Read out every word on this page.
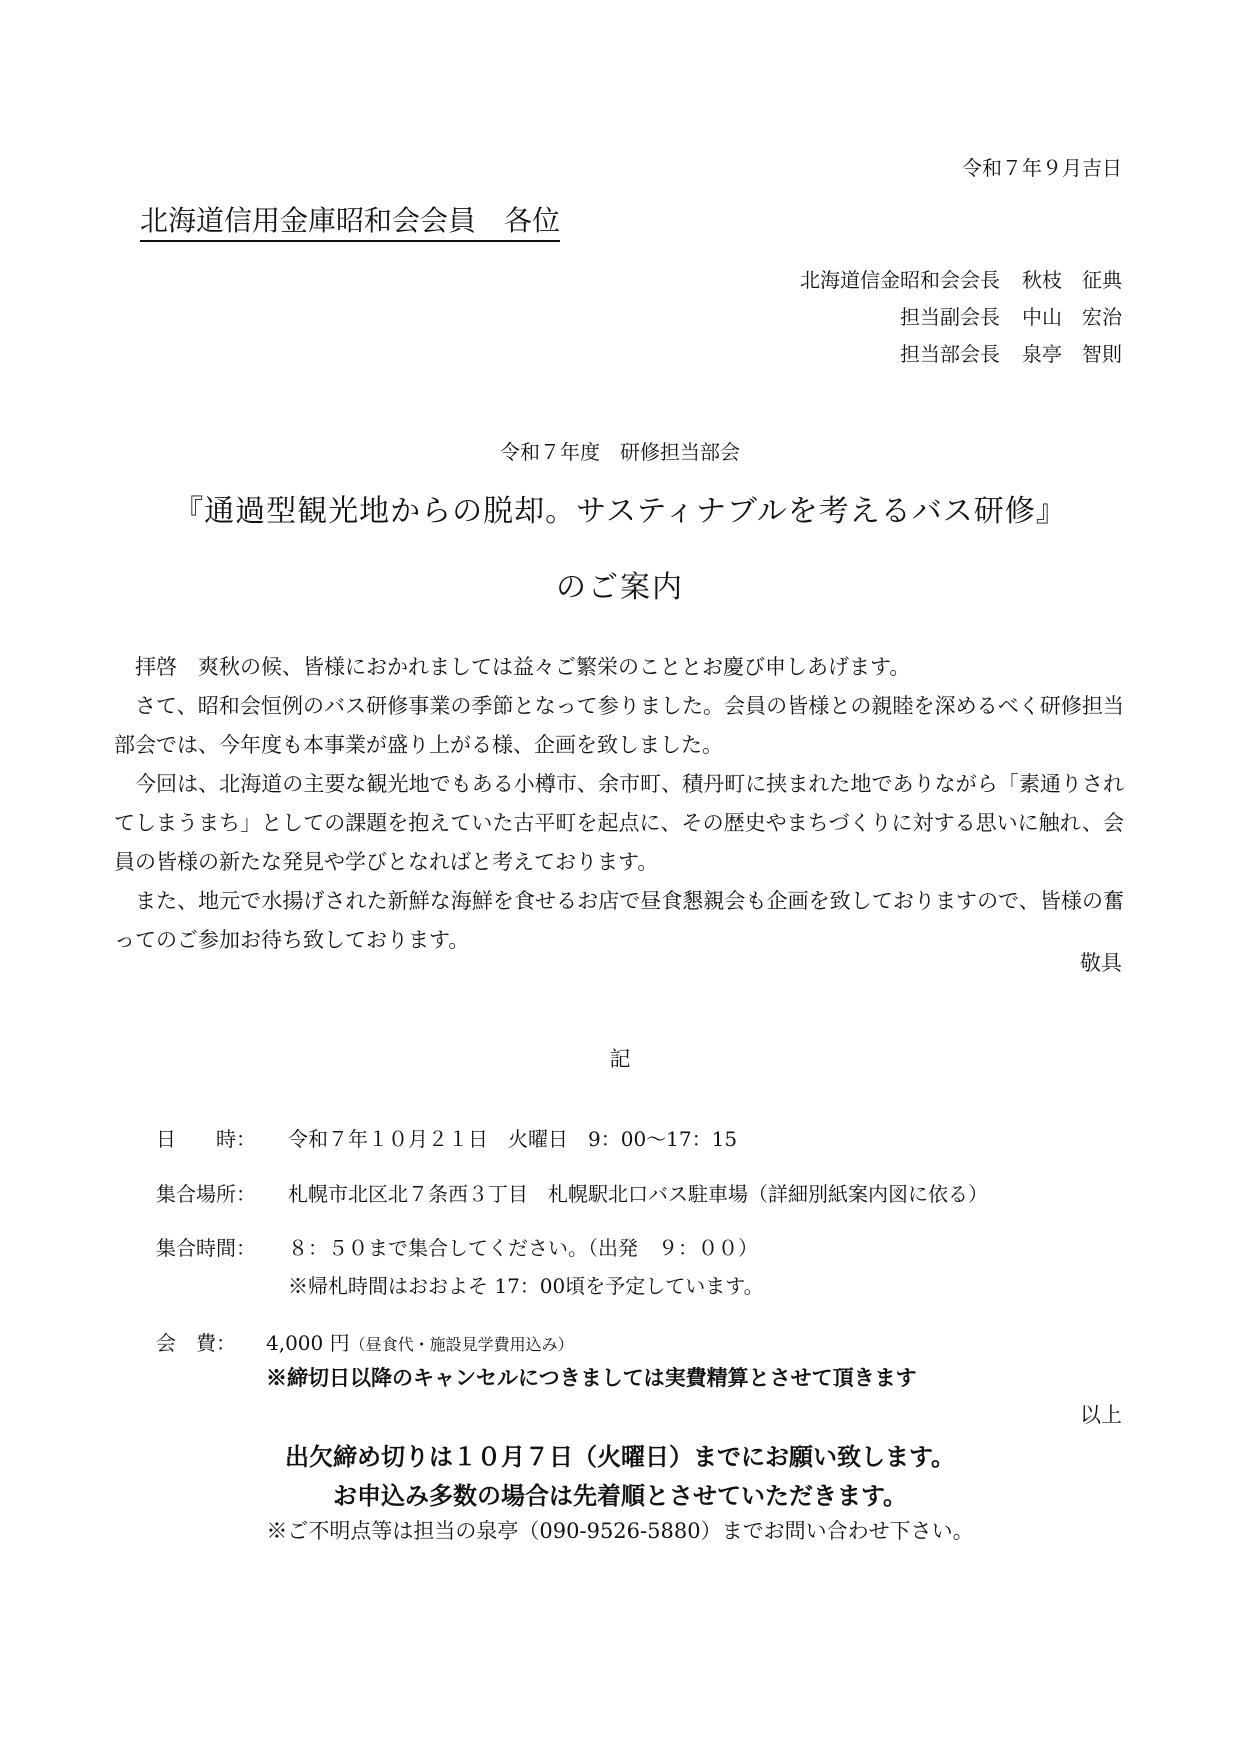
令和７年９月吉日

北海道信用金庫昭和会会員　各位

北海道信金昭和会会長 秋枝　征典
担当副会長 中山　宏治
担当部会長 泉亭　智則

令和７年度　研修担当部会

『通過型観光地からの脱却。サスティナブルを考えるバス研修』

のご案内

拝啓　爽秋の候、皆様におかれましては益々ご繁栄のこととお慶び申しあげます。

さて、昭和会恒例のバス研修事業の季節となって参りました。会員の皆様との親睦を深めるべく研修担当部会では、今年度も本事業が盛り上がる様、企画を致しました。

今回は、北海道の主要な観光地でもある小樽市、余市町、積丹町に挟まれた地でありながら「素通りされてしまうまち」としての課題を抱えていた古平町を起点に、その歴史やまちづくりに対する思いに触れ、会員の皆様の新たな発見や学びとなればと考えております。

また、地元で水揚げされた新鮮な海鮮を食せるお店で昼食懇親会も企画を致しておりますので、皆様の奮ってのご参加お待ち致しております。

敬具

記

日　　時： 令和７年１０月２１日　火曜日　9：00～17：15

集合場所： 札幌市北区北７条西３丁目　札幌駅北口バス駐車場（詳細別紙案内図に依る）

集合時間： ８：５０まで集合してください。（出発　９：００）

※帰札時間はおおよそ 17：00頃を予定しています。

会　費： 4,000 円（昼食代・施設見学費用込み）

※締切日以降のキャンセルにつきましては実費精算とさせて頂きます

以上

出欠締め切りは１０月７日（火曜日）までにお願い致します。

お申込み多数の場合は先着順とさせていただきます。

※ご不明点等は担当の泉亭（090-9526-5880）までお問い合わせ下さい。
